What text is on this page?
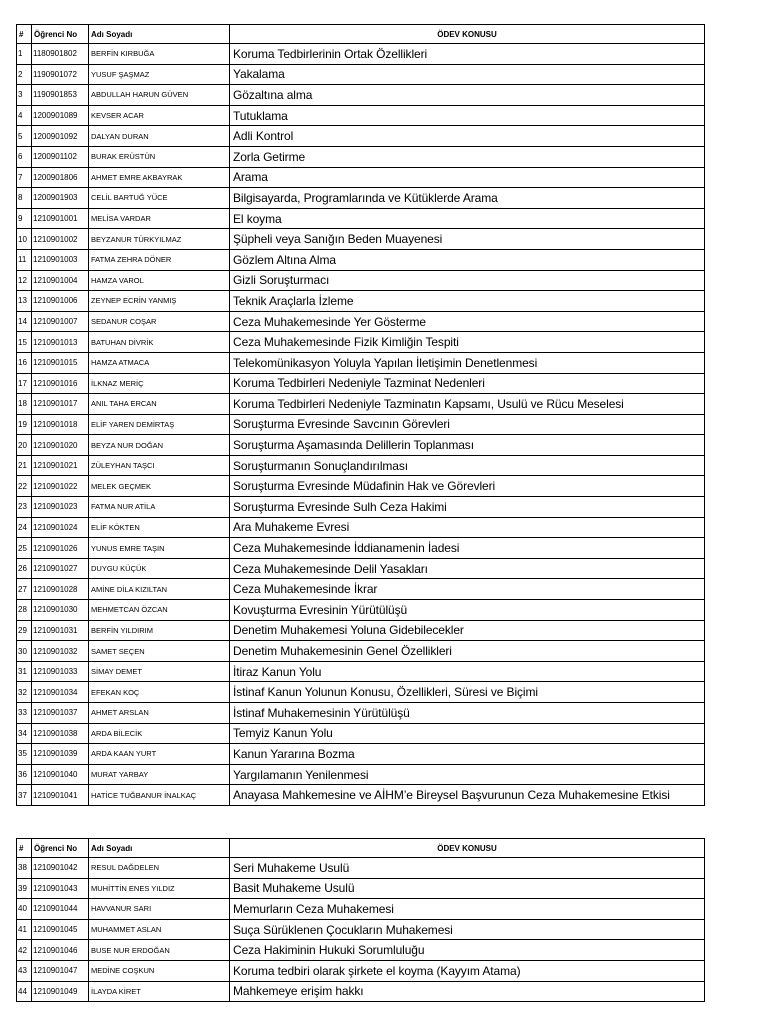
#	Öğrenci No	Adı Soyadı	ÖDEV KONUSU
1	1180901802	BERFİN KIRBUĞA	Koruma Tedbirlerinin Ortak Özellikleri
2	1190901072	YUSUF ŞAŞMAZ	Yakalama
3	1190901853	ABDULLAH HARUN GÜVEN	Gözaltına alma
4	1200901089	KEVSER ACAR	Tutuklama
5	1200901092	DALYAN DURAN	Adli Kontrol
6	1200901102	BURAK ERÜSTÜN	Zorla Getirme
7	1200901806	AHMET EMRE AKBAYRAK	Arama
8	1200901903	CELİL BARTUĞ YÜCE	Bilgisayarda, Programlarında ve Kütüklerde Arama
9	1210901001	MELİSA VARDAR	El koyma
10	1210901002	BEYZANUR TÜRKYILMAZ	Şüpheli veya Sanığın Beden Muayenesi
11	1210901003	FATMA ZEHRA DÖNER	Gözlem Altına Alma
12	1210901004	HAMZA VAROL	Gizli Soruşturmacı
13	1210901006	ZEYNEP ECRİN YANMIŞ	Teknik Araçlarla İzleme
14	1210901007	SEDANUR COŞAR	Ceza Muhakemesinde Yer Gösterme
15	1210901013	BATUHAN DİVRİK	Ceza Muhakemesinde Fizik Kimliğin Tespiti
16	1210901015	HAMZA ATMACA	Telekomünikasyon Yoluyla Yapılan İletişimin Denetlenmesi
17	1210901016	İLKNAZ MERİÇ	Koruma Tedbirleri Nedeniyle Tazminat Nedenleri
18	1210901017	ANIL TAHA ERCAN	Koruma Tedbirleri Nedeniyle Tazminatın Kapsamı, Usulü ve Rücu Meselesi
19	1210901018	ELİF YAREN DEMİRTAŞ	Soruşturma Evresinde Savcının Görevleri
20	1210901020	BEYZA NUR DOĞAN	Soruşturma Aşamasında Delillerin Toplanması
21	1210901021	ZÜLEYHAN TAŞCI	Soruşturmanın Sonuçlandırılması
22	1210901022	MELEK GEÇMEK	Soruşturma Evresinde Müdafinin Hak ve Görevleri
23	1210901023	FATMA NUR ATİLA	Soruşturma Evresinde Sulh Ceza Hakimi
24	1210901024	ELİF KÖKTEN	Ara Muhakeme Evresi
25	1210901026	YUNUS EMRE TAŞIN	Ceza Muhakemesinde İddianamenin İadesi
26	1210901027	DUYGU KÜÇÜK	Ceza Muhakemesinde Delil Yasakları
27	1210901028	AMİNE DİLA KIZILTAN	Ceza Muhakemesinde İkrar
28	1210901030	MEHMETCAN ÖZCAN	Kovuşturma Evresinin Yürütülüşü
29	1210901031	BERFİN YILDIRIM	Denetim Muhakemesi Yoluna Gidebilecekler
30	1210901032	SAMET SEÇEN	Denetim Muhakemesinin Genel Özellikleri
31	1210901033	SİMAY DEMET	İtiraz Kanun Yolu
32	1210901034	EFEKAN KOÇ	İstinaf Kanun Yolunun Konusu, Özellikleri, Süresi ve Biçimi
33	1210901037	AHMET ARSLAN	İstinaf Muhakemesinin Yürütülüşü
34	1210901038	ARDA BİLECİK	Temyiz Kanun Yolu
35	1210901039	ARDA KAAN YURT	Kanun Yararına Bozma
36	1210901040	MURAT YARBAY	Yargılamanın Yenilenmesi
37	1210901041	HATİCE TUĞBANUR İNALKAÇ	Anayasa Mahkemesine ve AİHM’e Bireysel Başvurunun Ceza Muhakemesine Etkisi
#	Öğrenci No	Adı Soyadı	ÖDEV KONUSU
38	1210901042	RESUL DAĞDELEN	Seri Muhakeme Usulü
39	1210901043	MUHİTTİN ENES YILDIZ	Basit Muhakeme Usulü
40	1210901044	HAVVANUR SARI	Memurların Ceza Muhakemesi
41	1210901045	MUHAMMET ASLAN	Suça Sürüklenen Çocukların Muhakemesi
42	1210901046	BUSE NUR ERDOĞAN	Ceza Hakiminin Hukuki Sorumluluğu
43	1210901047	MEDİNE COŞKUN	Koruma tedbiri olarak şirkete el koyma (Kayyım Atama)
44	1210901049	İLAYDA KİRET	Mahkemeye erişim hakkı
